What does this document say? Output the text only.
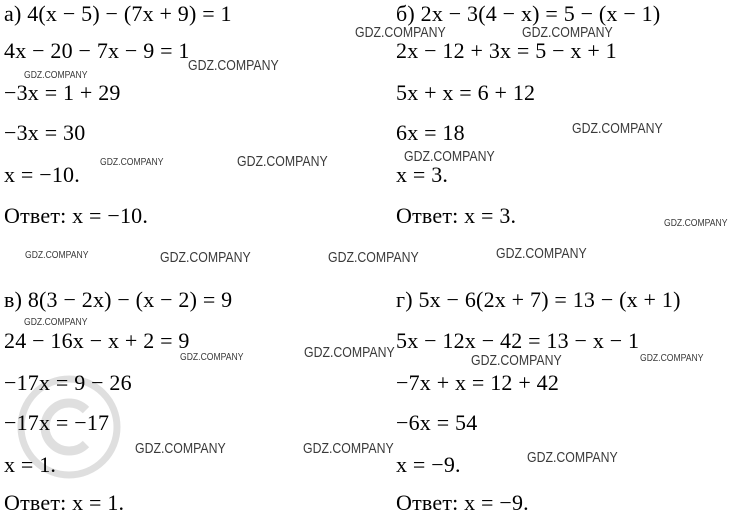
а) 4(x − 5) − (7x + 9) = 1
4x − 20 − 7x − 9 = 1
−3x = 1 + 29
−3x = 30
x = −10.
Ответ: x = −10.
б) 2x − 3(4 − x) = 5 − (x − 1)
2x − 12 + 3x = 5 − x + 1
5x + x = 6 + 12
6x = 18
x = 3.
Ответ: x = 3.
в) 8(3 − 2x) − (x − 2) = 9
24 − 16x − x + 2 = 9
−17x = 9 − 26
−17x = −17
x = 1.
Ответ: x = 1.
г) 5x − 6(2x + 7) = 13 − (x + 1)
5x − 12x − 42 = 13 − x − 1
−7x + x = 12 + 42
−6x = 54
x = −9.
Ответ: x = −9.
GDZ.COMPANY	GDZ.COMPANY
GDZ.COMPANY
GDZ.COMPANY
GDZ.COMPANY
GDZ.COMPANY
GDZ.COMPANY	GDZ.COMPANY
GDZ.COMPANY
GDZ.COMPANY
GDZ.COMPANY	GDZ.COMPANY	GDZ.COMPANY
GDZ.COMPANY
GDZ.COMPANY
GDZ.COMPANY	GDZ.COMPANY	GDZ.COMPANY
GDZ.COMPANY	GDZ.COMPANY
GDZ.COMPANY
